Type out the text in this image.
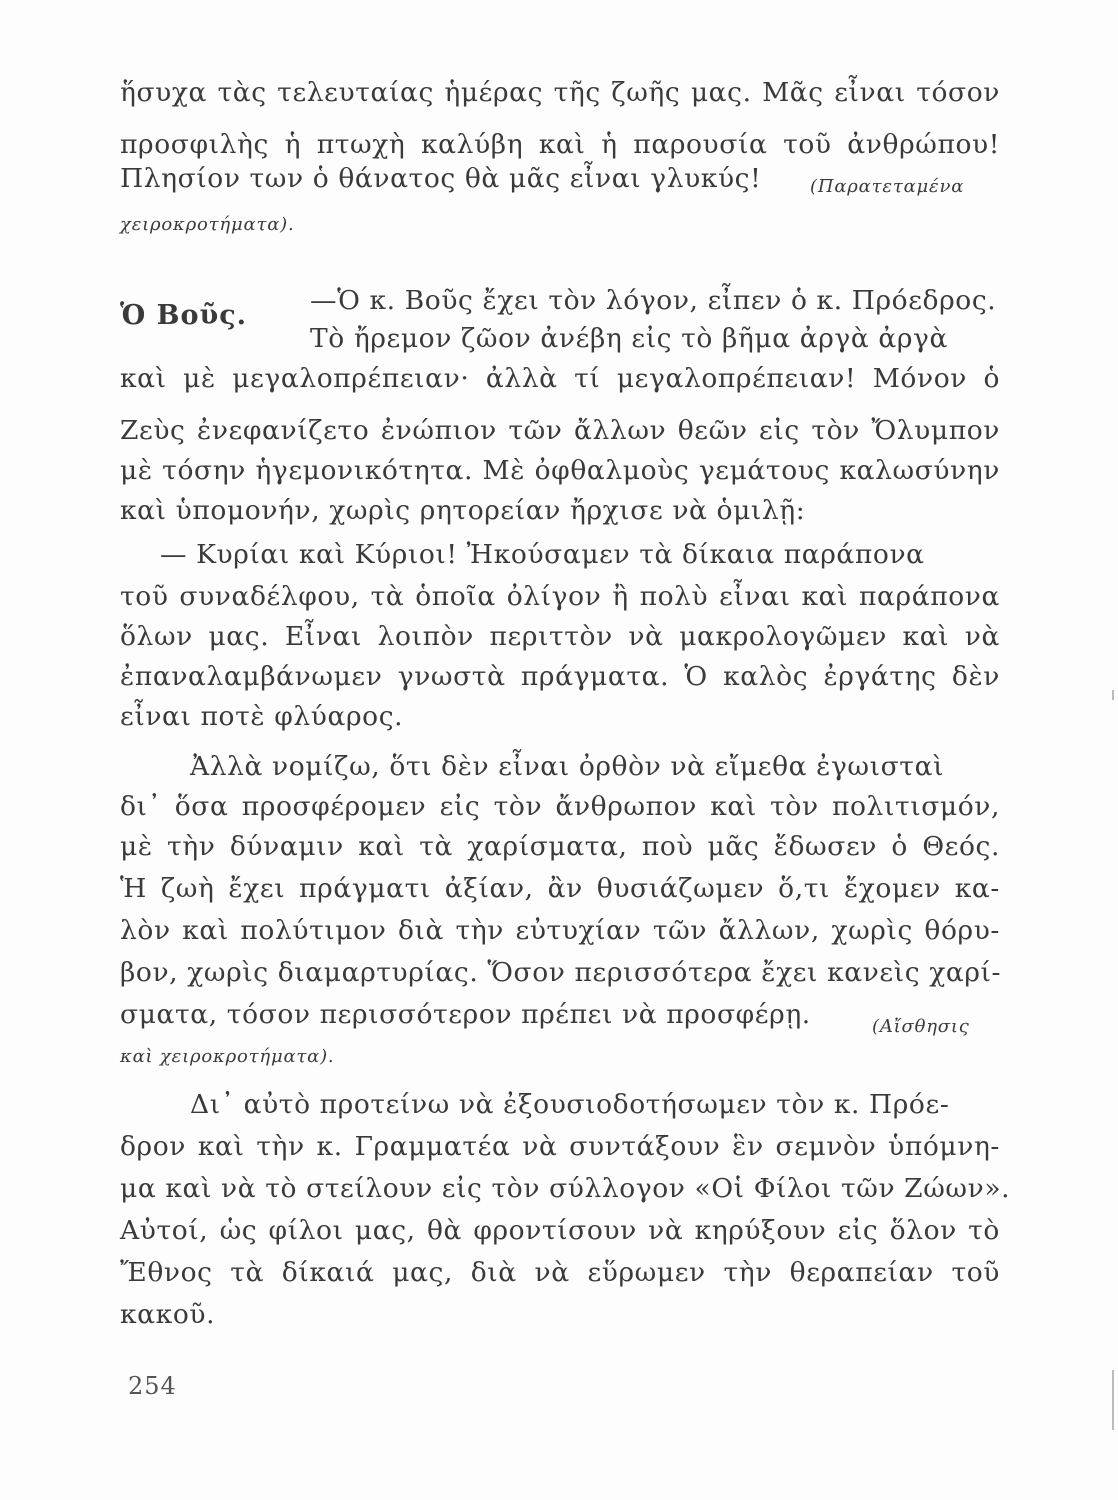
ἥσυχα τὰς τελευταίας ἡμέρας τῆς ζωῆς μας. Μᾶς εἶναι τόσον
προσφιλὴς ἡ πτωχὴ καλύβη καὶ ἡ παρουσία τοῦ ἀνθρώπου!
Πλησίον των ὁ θάνατος θὰ μᾶς εἶναι γλυκύς!	(Παρατεταμένα
χειροκροτήματα).
—Ὁ κ. Βοῦς ἔχει τὸν λόγον, εἶπεν ὁ κ. Πρόεδρος.
Τὸ ἤρεμον ζῶον ἀνέβη εἰς τὸ βῆμα ἀργὰ ἀργὰ
καὶ μὲ μεγαλοπρέπειαν· ἀλλὰ τί μεγαλοπρέπειαν! Μόνον ὁ
Ζεὺς ἐνεφανίζετο ἐνώπιον τῶν ἄλλων θεῶν εἰς τὸν Ὄλυμπον
μὲ τόσην ἡγεμονικότητα. Μὲ ὀφθαλμοὺς γεμάτους καλωσύνην
καὶ ὑπομονήν, χωρὶς ρητορείαν ἤρχισε νὰ ὁμιλῇ:
— Κυρίαι καὶ Κύριοι! Ἠκούσαμεν τὰ δίκαια παράπονα
τοῦ συναδέλφου, τὰ ὁποῖα ὀλίγον ἢ πολὺ εἶναι καὶ παράπονα
ὅλων μας. Εἶναι λοιπὸν περιττὸν νὰ μακρολογῶμεν καὶ νὰ
ἐπαναλαμβάνωμεν γνωστὰ πράγματα. Ὁ καλὸς ἐργάτης δὲν
εἶναι ποτὲ φλύαρος.
Ἀλλὰ νομίζω, ὅτι δὲν εἶναι ὀρθὸν νὰ εἴμεθα ἐγωισταὶ
δι᾽ ὅσα προσφέρομεν εἰς τὸν ἄνθρωπον καὶ τὸν πολιτισμόν,
μὲ τὴν δύναμιν καὶ τὰ χαρίσματα, ποὺ μᾶς ἔδωσεν ὁ Θεός.
Ἡ ζωὴ ἔχει πράγματι ἀξίαν, ἂν θυσιάζωμεν ὅ,τι ἔχομεν κα-
λὸν καὶ πολύτιμον διὰ τὴν εὐτυχίαν τῶν ἄλλων, χωρὶς θόρυ-
βον, χωρὶς διαμαρτυρίας. Ὅσον περισσότερα ἔχει κανεὶς χαρί-
σματα, τόσον περισσότερον πρέπει νὰ προσφέρῃ.	(Αἴσθησις
καὶ χειροκροτήματα).
Δι᾽ αὐτὸ προτείνω νὰ ἐξουσιοδοτήσωμεν τὸν κ. Πρόε-
δρον καὶ τὴν κ. Γραμματέα νὰ συντάξουν ἓν σεμνὸν ὑπόμνη-
μα καὶ νὰ τὸ στείλουν εἰς τὸν σύλλογον «Οἱ Φίλοι τῶν Ζώων».
Αὐτοί, ὡς φίλοι μας, θὰ φροντίσουν νὰ κηρύξουν εἰς ὅλον τὸ
Ἔθνος τὰ δίκαιά μας, διὰ νὰ εὕρωμεν τὴν θεραπείαν τοῦ
κακοῦ.
Ὁ Βοῦς.
254
